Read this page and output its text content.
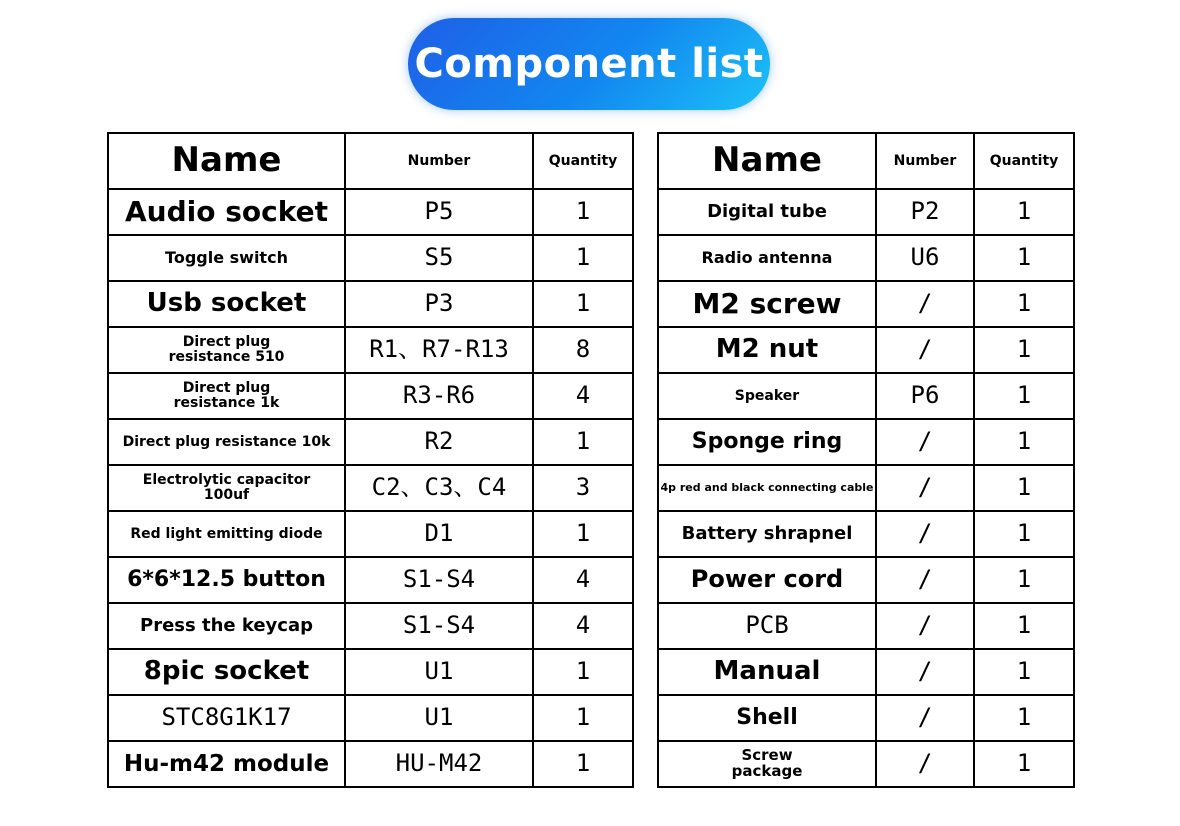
Component list
Name	Number	Quantity
Audio socket	P5	1
Toggle switch	S5	1
Usb socket	P3	1
Direct plug
resistance 510	R1、R7-R13	8
Direct plug
resistance 1k	R3-R6	4
Direct plug resistance 10k	R2	1
Electrolytic capacitor
100uf	C2、C3、C4	3
Red light emitting diode	D1	1
6*6*12.5 button	S1-S4	4
Press the keycap	S1-S4	4
8pic socket	U1	1
STC8G1K17	U1	1
Hu-m42 module	HU-M42	1
Name	Number	Quantity
Digital tube	P2	1
Radio antenna	U6	1
M2 screw	/	1
M2 nut	/	1
Speaker	P6	1
Sponge ring	/	1
4p red and black connecting cable	/	1
Battery shrapnel	/	1
Power cord	/	1
PCB	/	1
Manual	/	1
Shell	/	1
Screw
package	/	1
